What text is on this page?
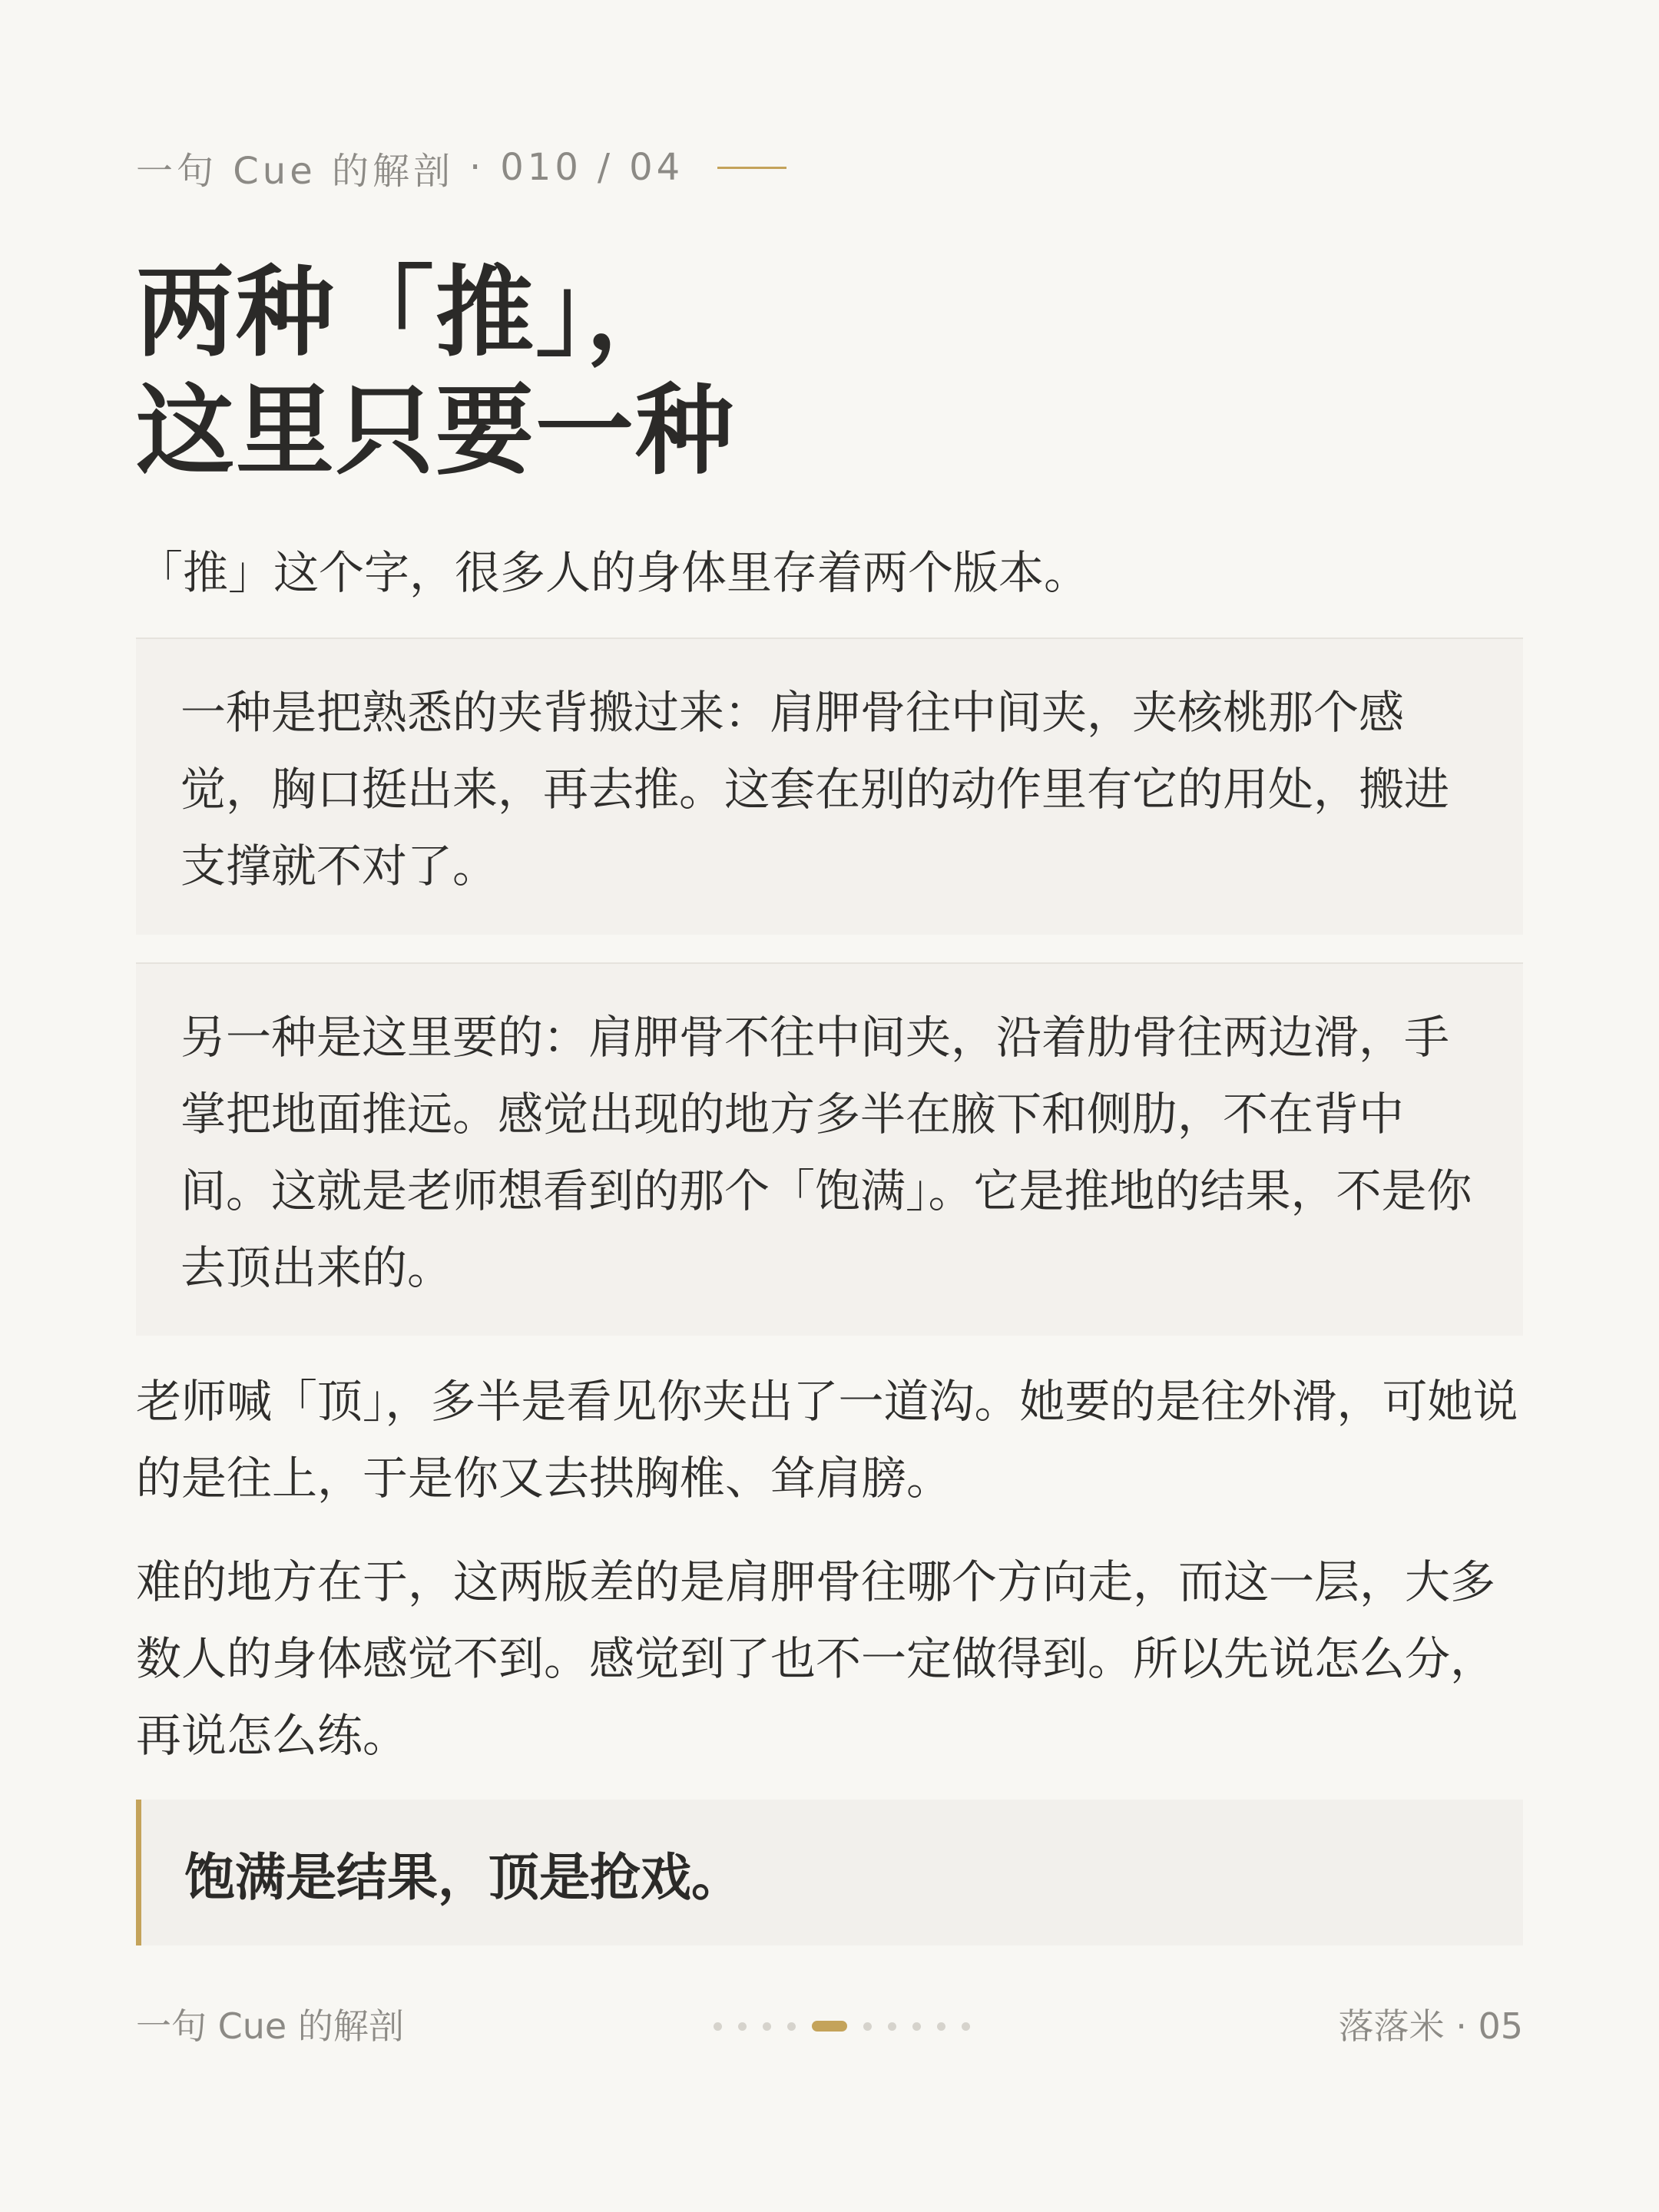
一句 Cue 的解剖 · 010 / 04
两种「推」，
这里只要一种
「推」这个字，很多人的身体里存着两个版本。
一种是把熟悉的夹背搬过来：肩胛骨往中间夹，夹核桃那个感觉，胸口挺出来，再去推。这套在别的动作里有它的用处，搬进支撑就不对了。
另一种是这里要的：肩胛骨不往中间夹，沿着肋骨往两边滑，手掌把地面推远。感觉出现的地方多半在腋下和侧肋，不在背中间。这就是老师想看到的那个「饱满」。它是推地的结果，不是你去顶出来的。
老师喊「顶」，多半是看见你夹出了一道沟。她要的是往外滑，可她说的是往上，于是你又去拱胸椎、耸肩膀。
难的地方在于，这两版差的是肩胛骨往哪个方向走，而这一层，大多数人的身体感觉不到。感觉到了也不一定做得到。所以先说怎么分，再说怎么练。
饱满是结果，顶是抢戏。
一句 Cue 的解剖	落落米 · 05
